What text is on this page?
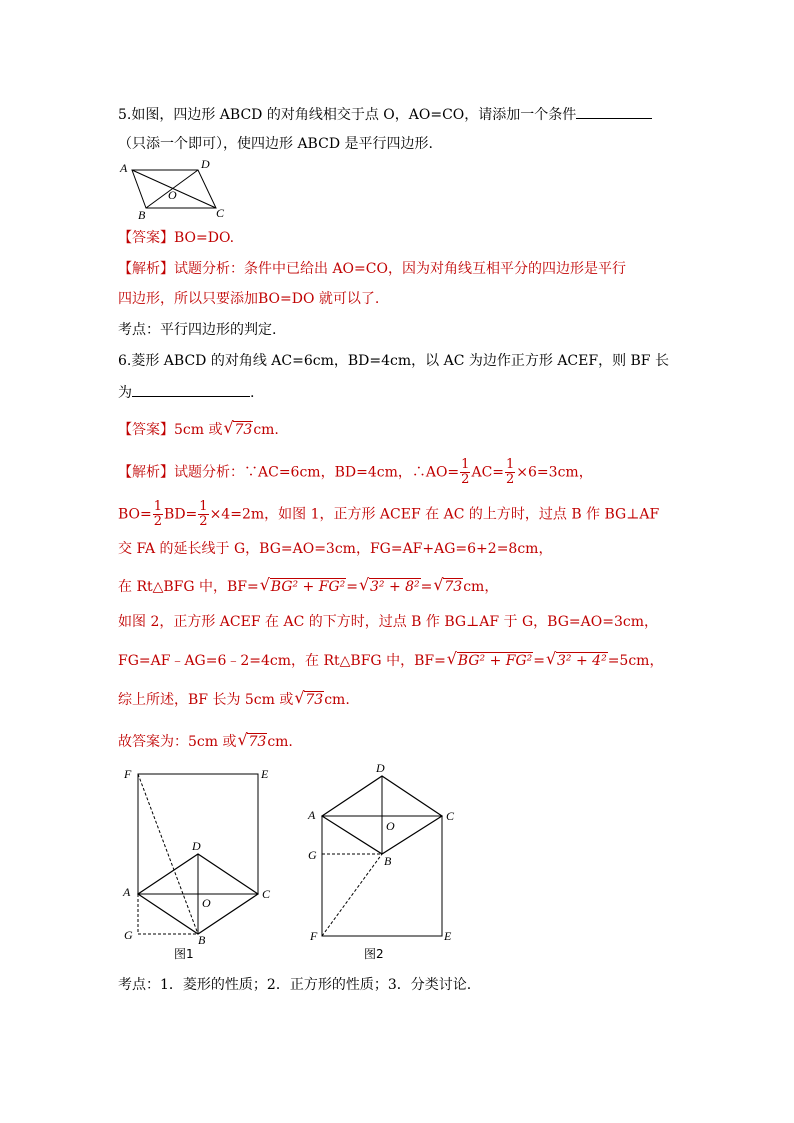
5.如图，四边形 ABCD 的对角线相交于点 O，AO=CO，请添加一个条件
（只添一个即可），使四边形 ABCD 是平行四边形.
A	D
O
B	C
【答案】BO=DO.
【解析】试题分析：条件中已给出 AO=CO，因为对角线互相平分的四边形是平行
四边形，所以只要添加BO=DO 就可以了.
考点：平行四边形的判定.
6.菱形 ABCD 的对角线 AC=6cm，BD=4cm，以 AC 为边作正方形 ACEF，则 BF 长
为	.
【答案】5cm 或 √ 73cm.
【解析】试题分析：∵AC=6cm，BD=4cm，∴AO= $\frac{1}{2} AC= \frac{1}{2} \times 6=3cm$，
$BO= \frac{1}{2} BD= \frac{1}{2} \times 4=2m$，如图 1，正方形 ACEF 在 AC 的上方时，过点 B 作 BG⊥AF
交 FA 的延长线于 G，BG=AO=3cm，FG=AF+AG=6+2=8cm，
在 Rt△BFG 中，BF= √ BG² + FG²= √ 3² + 8²= √ 73cm，
如图 2，正方形 ACEF 在 AC 的下方时，过点 B 作 BG⊥AF 于 G，BG=AO=3cm，
FG=AF﹣AG=6﹣2=4cm，在 Rt△BFG 中，BF= √ BG² + FG²= √ 3² + 4²=5cm，
综上所述，BF 长为 5cm 或 √ 73cm.
故答案为：5cm 或 √ 73cm.
F	E
D
A
O
C
G	B
图1
D
A
O
C
G	B
F	E
图2
考点：1．菱形的性质；2．正方形的性质；3．分类讨论.
